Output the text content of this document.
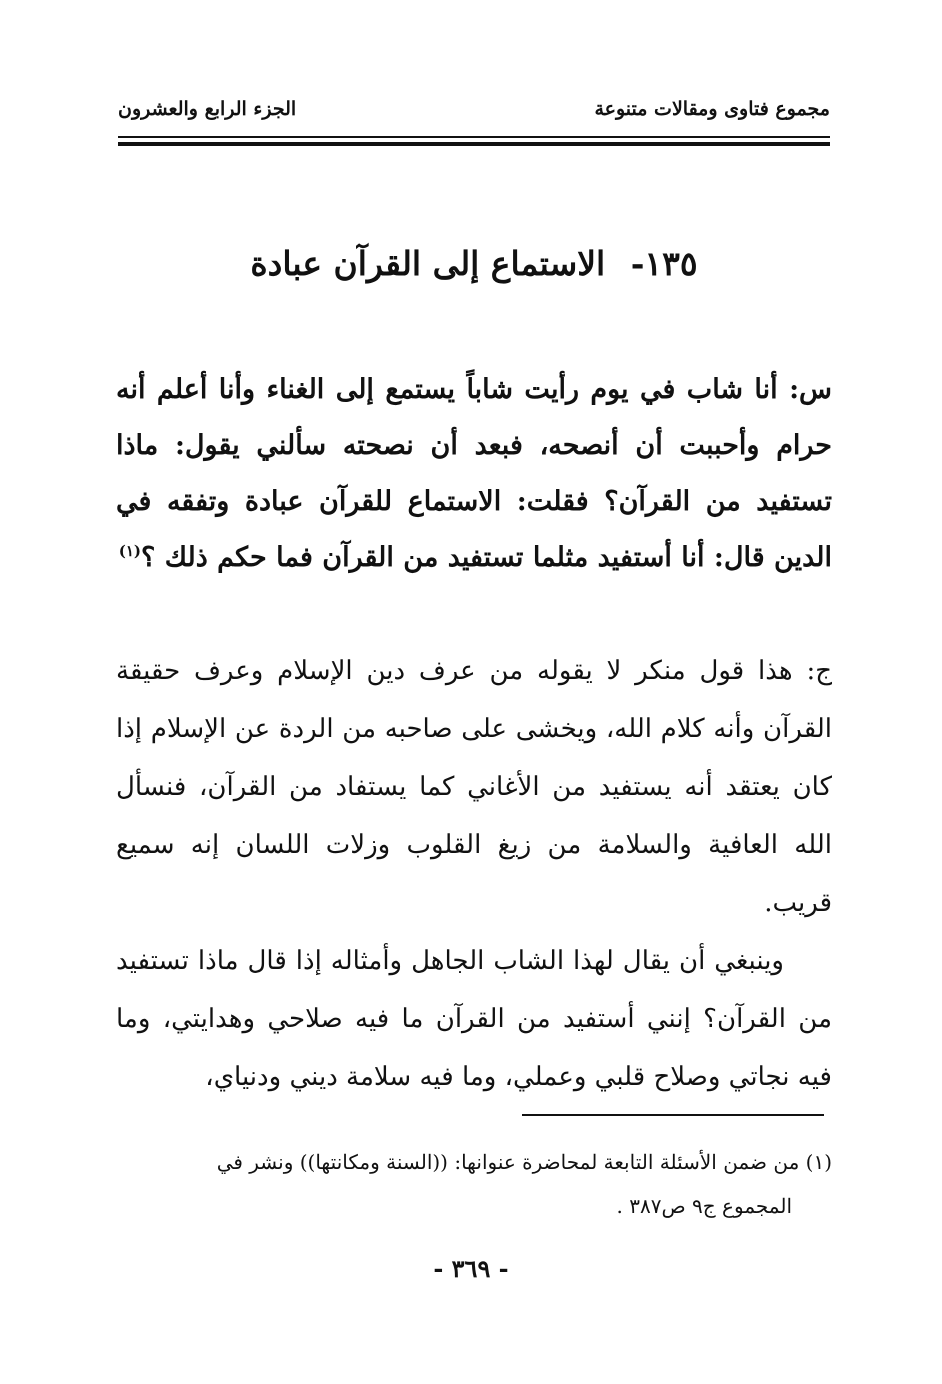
مجموع فتاوى ومقالات متنوعة
الجزء الرابع والعشرون
١٣٥- الاستماع إلى القرآن عبادة
س: أنا شاب في يوم رأيت شاباً يستمع إلى الغناء وأنا أعلم أنه حرام وأحببت أن أنصحه، فبعد أن نصحته سألني يقول: ماذا تستفيد من القرآن؟ فقلت: الاستماع للقرآن عبادة وتفقه في الدين قال: أنا أستفيد مثلما تستفيد من القرآن فما حكم ذلك ؟$^{(١)}$

ج: هذا قول منكر لا يقوله من عرف دين الإسلام وعرف حقيقة القرآن وأنه كلام الله، ويخشى على صاحبه من الردة عن الإسلام إذا كان يعتقد أنه يستفيد من الأغاني كما يستفاد من القرآن، فنسأل الله العافية والسلامة من زيغ القلوب وزلات اللسان إنه سميع قريب.

وينبغي أن يقال لهذا الشاب الجاهل وأمثاله إذا قال ماذا تستفيد من القرآن؟ إنني أستفيد من القرآن ما فيه صلاحي وهدايتي، وما فيه نجاتي وصلاح قلبي وعملي، وما فيه سلامة ديني ودنياي،

(١) من ضمن الأسئلة التابعة لمحاضرة عنوانها: ((السنة ومكانتها)) ونشر في
المجموع ج٩ ص٣٨٧ .
- ٣٦٩ -
